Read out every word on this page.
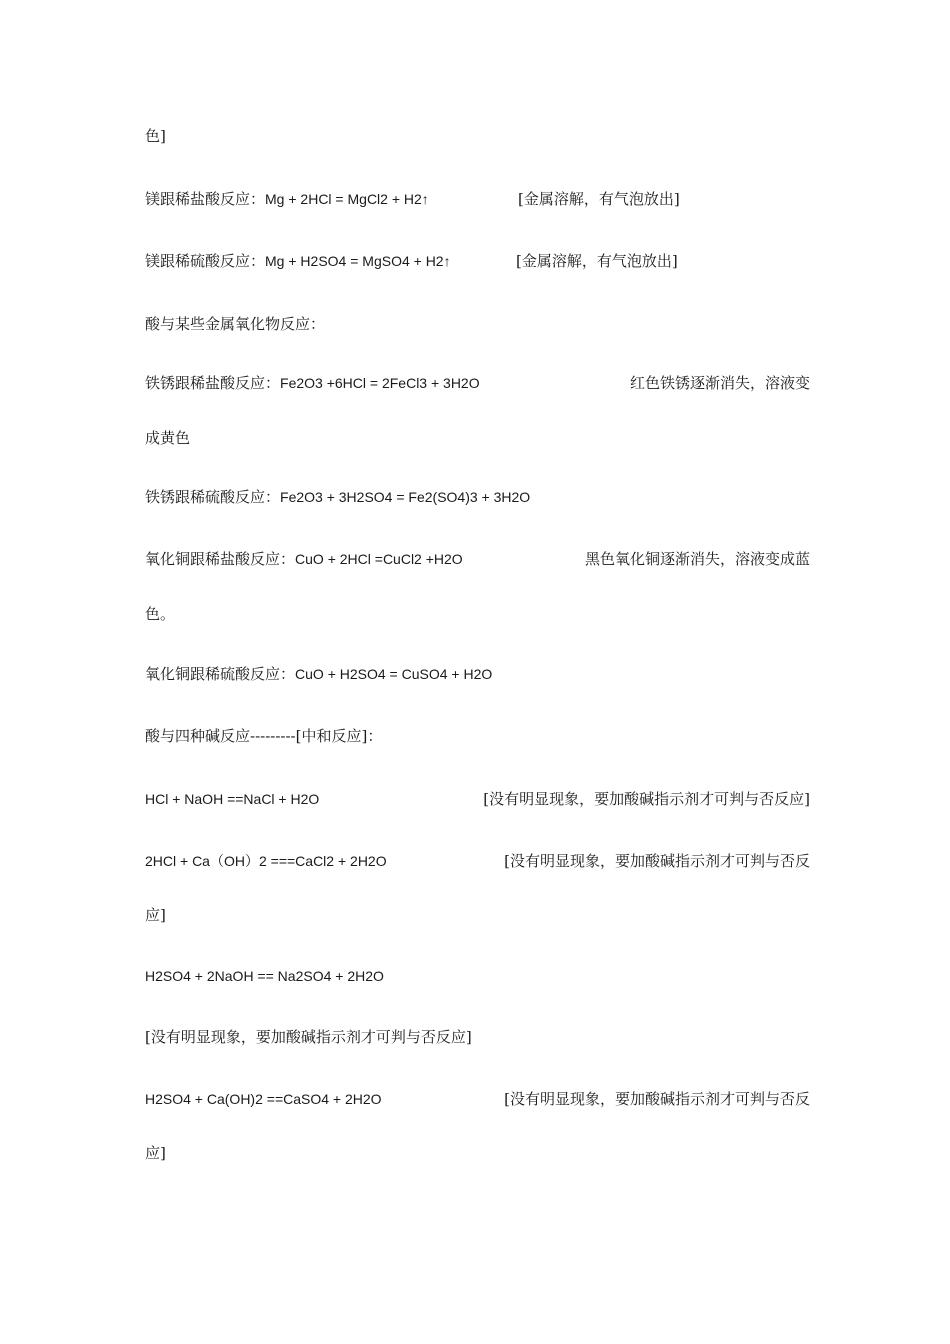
色]
镁跟稀盐酸反应：Mg + 2HCl = MgCl2 + H2↑	[金属溶解，有气泡放出]
镁跟稀硫酸反应：Mg + H2SO4 = MgSO4 + H2↑	[金属溶解，有气泡放出]
酸与某些金属氧化物反应：
铁锈跟稀盐酸反应：Fe2O3 +6HCl = 2FeCl3 + 3H2O	红色铁锈逐渐消失，溶液变
成黄色
铁锈跟稀硫酸反应：Fe2O3 + 3H2SO4 = Fe2(SO4)3 + 3H2O
氧化铜跟稀盐酸反应：CuO + 2HCl =CuCl2 +H2O	黑色氧化铜逐渐消失，溶液变成蓝
色。
氧化铜跟稀硫酸反应：CuO + H2SO4 = CuSO4 + H2O
酸与四种碱反应---------[中和反应]：
HCl + NaOH ==NaCl + H2O	[没有明显现象，要加酸碱指示剂才可判与否反应]
2HCl + Ca（OH）2 ===CaCl2 + 2H2O	[没有明显现象，要加酸碱指示剂才可判与否反
应]
H2SO4 + 2NaOH == Na2SO4 + 2H2O
[没有明显现象，要加酸碱指示剂才可判与否反应]
H2SO4 + Ca(OH)2 ==CaSO4 + 2H2O	[没有明显现象，要加酸碱指示剂才可判与否反
应]
